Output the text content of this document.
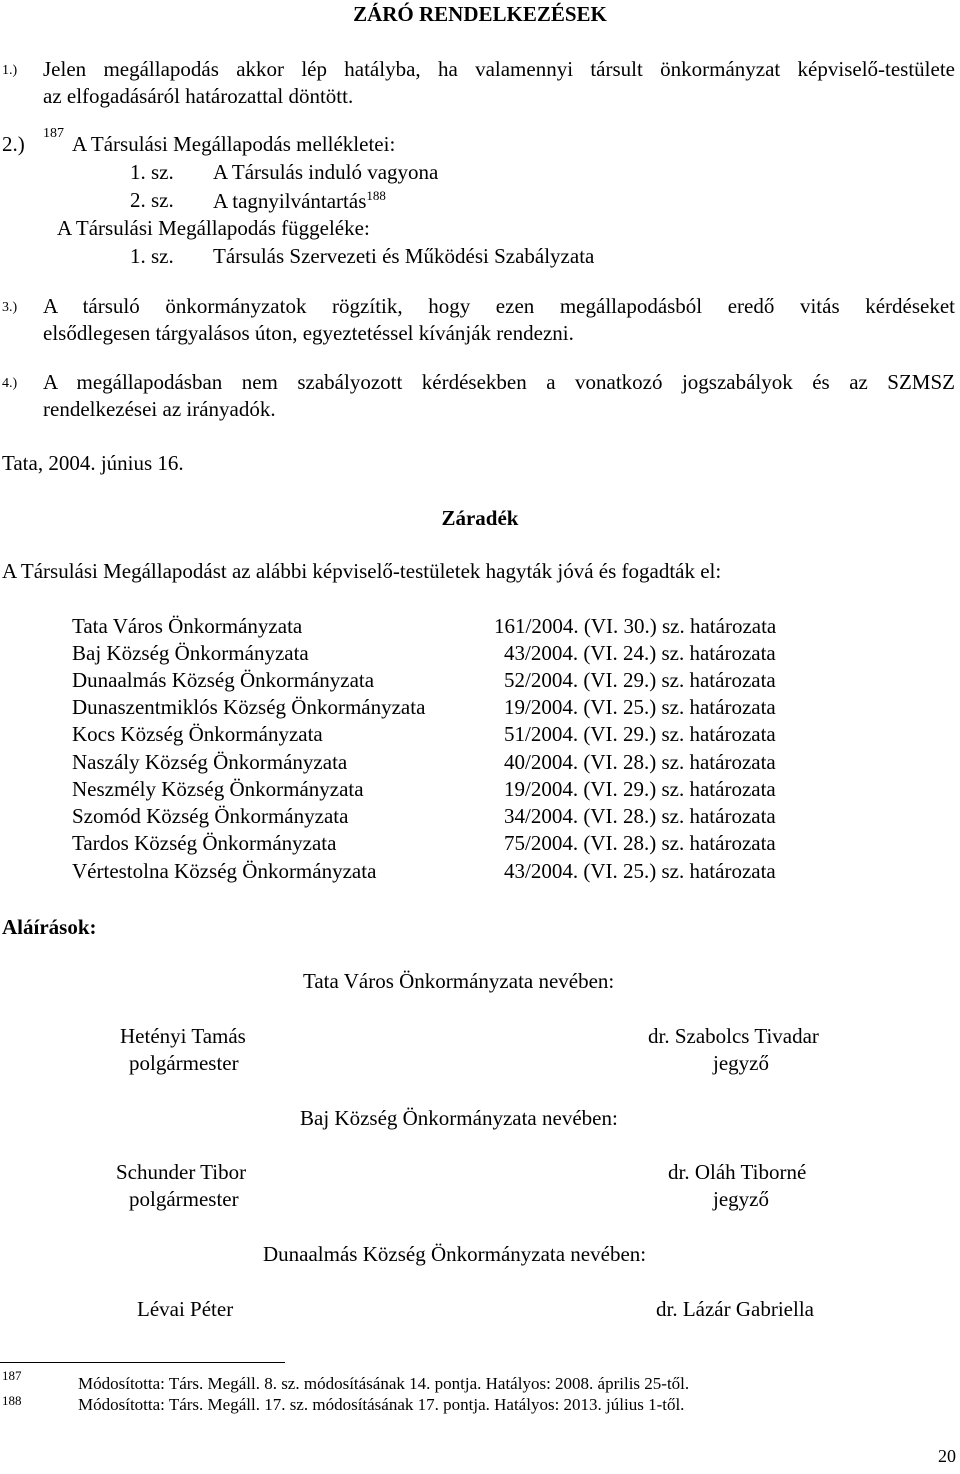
ZÁRÓ RENDELKEZÉSEK
1.) Jelen megállapodás akkor lép hatályba, ha valamennyi társult önkormányzat képviselő-testülete
az elfogadásáról határozattal döntött.
2.) 187 A Társulási Megállapodás mellékletei:
1. sz. A Társulás induló vagyona
2. sz. A tagnyilvántartás$^{188}$
A Társulási Megállapodás függeléke:
1. sz. Társulás Szervezeti és Működési Szabályzata
3.) A társuló önkormányzatok rögzítik, hogy ezen megállapodásból eredő vitás kérdéseket
elsődlegesen tárgyalásos úton, egyeztetéssel kívánják rendezni.
4.) A megállapodásban nem szabályozott kérdésekben a vonatkozó jogszabályok és az SZMSZ
rendelkezései az irányadók.
Tata, 2004. június 16.
Záradék
A Társulási Megállapodást az alábbi képviselő-testületek hagyták jóvá és fogadták el:
Tata Város Önkormányzata	161/2004. (VI. 30.) sz. határozata
Baj Község Önkormányzata	43/2004. (VI. 24.) sz. határozata
Dunaalmás Község Önkormányzata	52/2004. (VI. 29.) sz. határozata
Dunaszentmiklós Község Önkormányzata	19/2004. (VI. 25.) sz. határozata
Kocs Község Önkormányzata	51/2004. (VI. 29.) sz. határozata
Naszály Község Önkormányzata	40/2004. (VI. 28.) sz. határozata
Neszmély Község Önkormányzata	19/2004. (VI. 29.) sz. határozata
Szomód Község Önkormányzata	34/2004. (VI. 28.) sz. határozata
Tardos Község Önkormányzata	75/2004. (VI. 28.) sz. határozata
Vértestolna Község Önkormányzata	43/2004. (VI. 25.) sz. határozata
Aláírások:
Tata Város Önkormányzata nevében:
Hetényi Tamás
polgármester
dr. Szabolcs Tivadar
jegyző
Baj Község Önkormányzata nevében:
Schunder Tibor
polgármester
dr. Oláh Tiborné
jegyző
Dunaalmás Község Önkormányzata nevében:
Lévai Péter	dr. Lázár Gabriella
187	Módosította: Társ. Megáll. 8. sz. módosításának 14. pontja. Hatályos: 2008. április 25-től.
188	Módosította: Társ. Megáll. 17. sz. módosításának 17. pontja. Hatályos: 2013. július 1-től.
20
